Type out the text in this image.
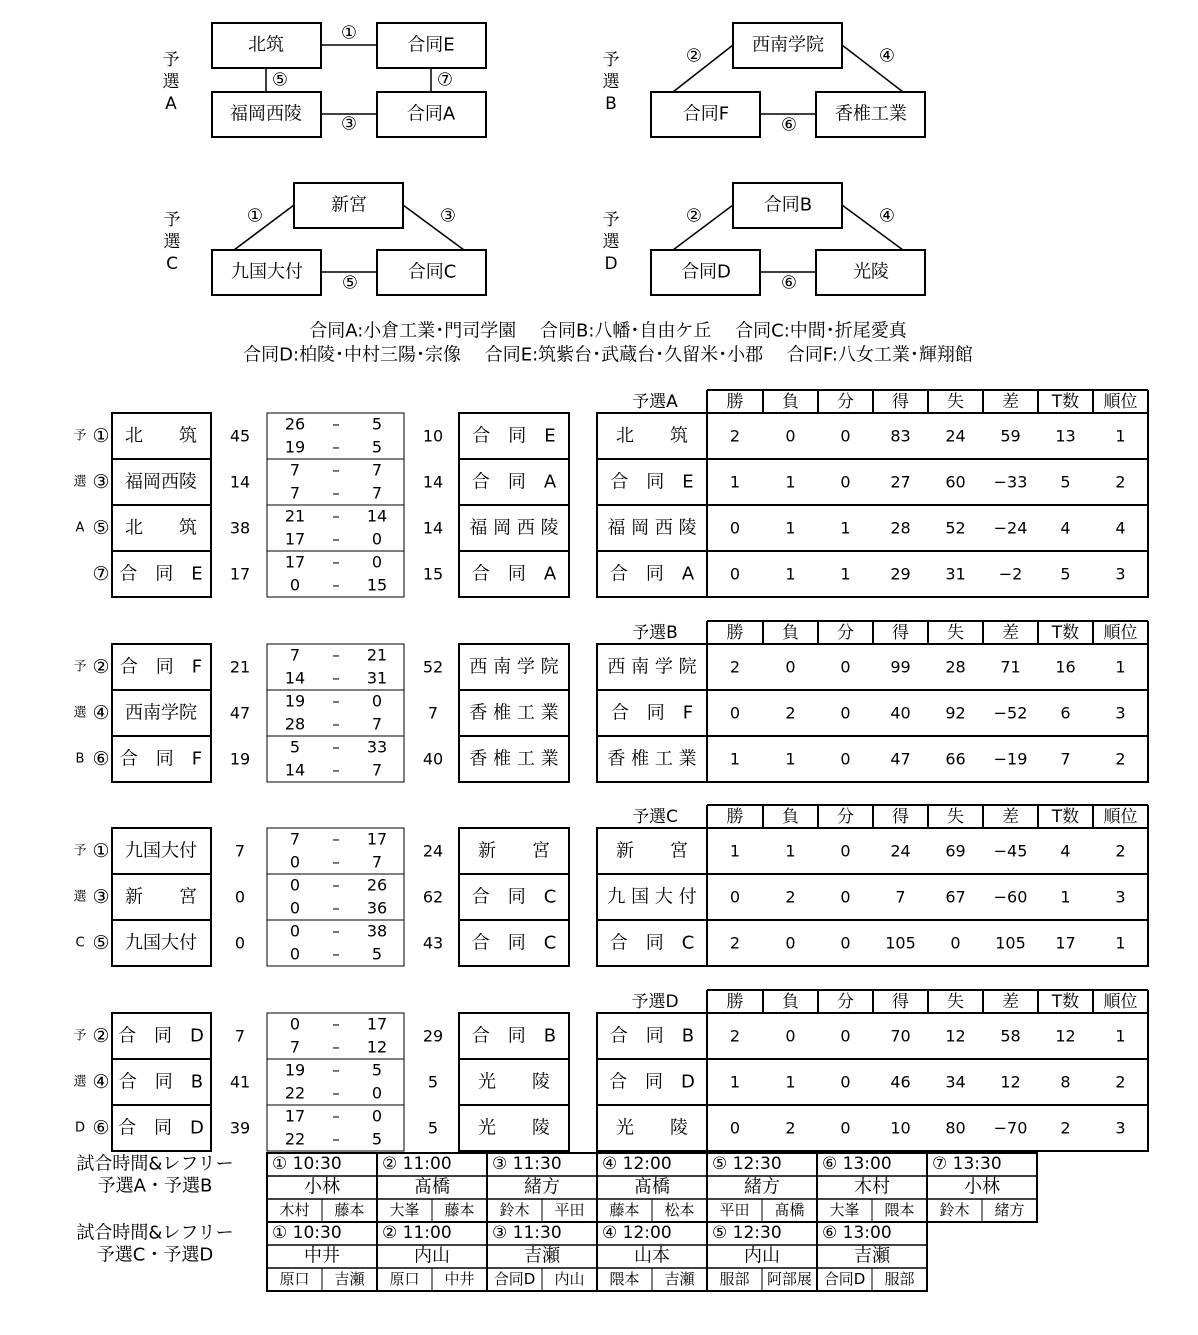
予
選
A
北筑	合同E
福岡西陵	合同A
①
⑤	⑦
③
予
選
B
西南学院
合同F	香椎工業
②	④
⑥
予
選
C
新宮
九国大付	合同C
①	③
⑤
予
選
D
合同B
合同D	光陵
②	④
⑥
合同A:小倉工業･門司学園　 合同B:八幡･自由ケ丘　 合同C:中間･折尾愛真
合同D:柏陵･中村三陽･宗像　 合同E:筑紫台･武蔵台･久留米･小郡　 合同F:八女工業･輝翔館
予選A	勝 負 分 得 失 差 T数 順位
北　　筑	2	0	0 83 24 59 13 1
合　同　E 1	1	0 27 60 −33 5	2
福 岡 西 陵 0	1	1 28 52 −24 4	4
合　同　A 0	1	1 29 31 −2 5	3
予
選
A
① 北　　筑 45
26 – 5
19 – 5
10 合　同　E
③ 福岡西陵 14
7 – 7
7 – 7
14 合　同　A
⑤ 北　　筑 38
21 – 14
17 – 0
14 福 岡 西 陵
⑦ 合　同　E 17
17 – 0
0 – 15
15 合　同　A
予選B	勝 負 分 得 失 差 T数 順位
西 南 学 院 2	0	0 99 28 71 16 1
合　同　F 0	2	0 40 92 −52 6	3
香 椎 工 業 1	1	0 47 66 −19 7	2
予
選
B
② 合　同　F 21
7 – 21
14 – 31
52 西 南 学 院
④ 西南学院 47
19 – 0
28 – 7
7 香 椎 工 業
⑥ 合　同　F 19
5 – 33
14 – 7
40 香 椎 工 業
予選C	勝 負 分 得 失 差 T数 順位
新　　宮	1	1	0 24 69 −45 4	2
九 国 大 付 0	2	0	7 67 −60 1	3
合　同　C 2	0	0 105 0 105 17 1
予
選
C
① 九国大付 7
7 – 17
0 – 7
24 新　　宮
③ 新　　宮 0
0 – 26
0 – 36
62 合　同　C
⑤ 九国大付 0
0 – 38
0 – 5
43 合　同　C
予選D	勝 負 分 得 失 差 T数 順位
合　同　B 2	0	0 70 12 58 12 1
合　同　D 1	1	0 46 34 12 8	2
光　　陵	0	2	0 10 80 −70 2	3
予
選
D
② 合　同　D 7
0 – 17
7 – 12
29 合　同　B
④ 合　同　B 41
19 – 5
22 – 0
5 光　　陵
⑥ 合　同　D 39
17 – 0
22 – 5
5 光　　陵
試合時間&レフリー
予選A・予選B
① 10:30
小林
木村 藤本
② 11:00
髙橋
大峯 藤本
③ 11:30
緒方
鈴木 平田
④ 12:00
髙橋
藤本 松本
⑤ 12:30
緒方
平田 髙橋
⑥ 13:00
木村
大峯 隈本
⑦ 13:30
小林
鈴木 緒方
試合時間&レフリー
予選C・予選D
① 10:30
中井
原口 吉瀬
② 11:00
内山
原口 中井
③ 11:30
吉瀬
合同D 内山
④ 12:00
山本
隈本 吉瀬
⑤ 12:30
内山
服部 阿部展
⑥ 13:00
吉瀬
合同D 服部
